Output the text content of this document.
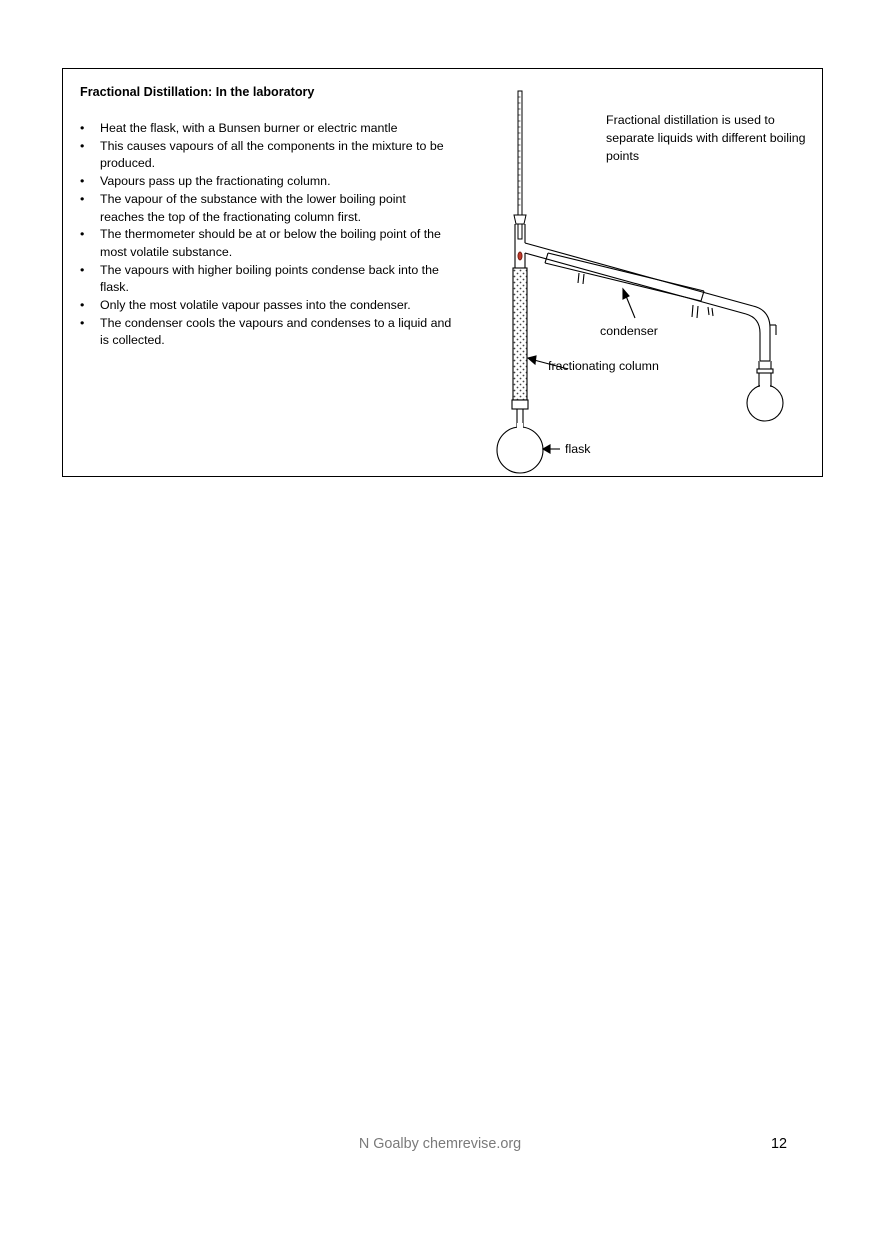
Fractional Distillation: In the laboratory
• Heat the flask, with a Bunsen burner or electric mantle
• This causes vapours of all the components in the mixture to be produced.
• Vapours pass up the fractionating column.
• The vapour of the substance with the lower boiling point reaches the top of the fractionating column first.
• The thermometer should be at or below the boiling point of the most volatile substance.
• The vapours with higher boiling points condense back into the flask.
• Only the most volatile vapour passes into the condenser.
• The condenser cools the vapours and condenses to a liquid and is collected.

Fractional distillation is used to separate liquids with different boiling points

condenser

fractionating column

flask

N Goalby chemrevise.org	12
